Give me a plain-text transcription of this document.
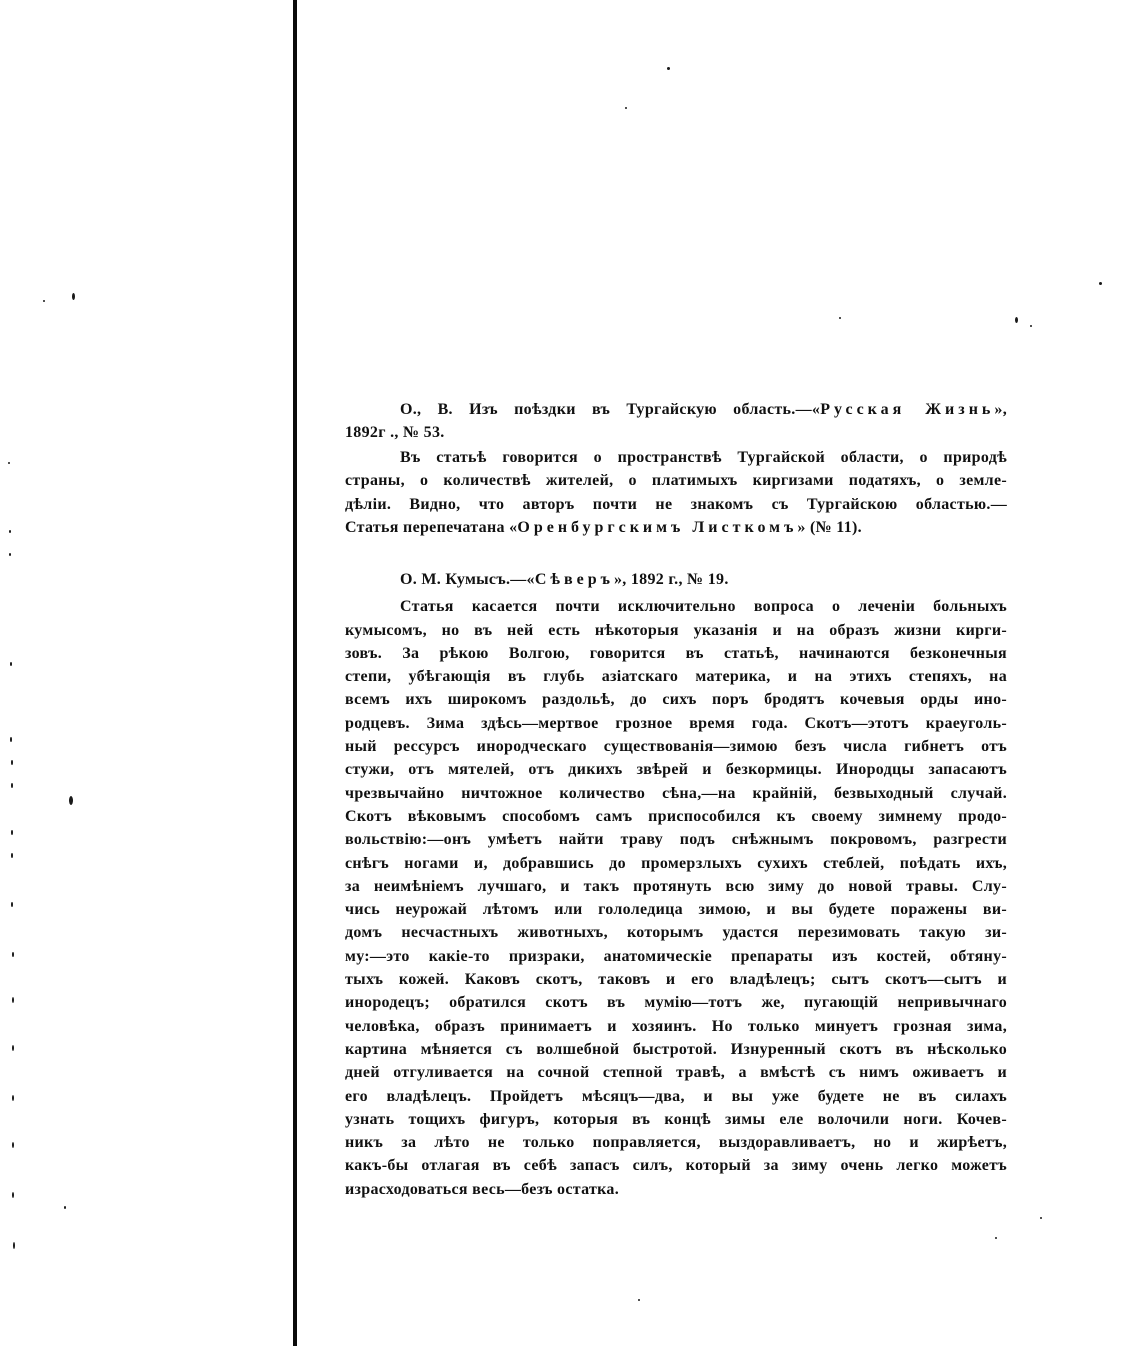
О., В. Изъ поѣздки въ Тургайскую область.—«Русская Жизнь»,
1892г ., № 53.
Въ статьѣ говорится о пространствѣ Тургайской области, о природѣ
страны, о количествѣ жителей, о платимыхъ киргизами податяхъ, о земле-
дѣліи. Видно, что авторъ почти не знакомъ съ Тургайскою областью.—
Статья перепечатана «Оренбургскимъ Листкомъ» (№ 11).
О. М. Кумысъ.—«Сѣверъ», 1892 г., № 19.
Статья касается почти исключительно вопроса о леченіи больныхъ
кумысомъ, но въ ней есть нѣкоторыя указанія и на образъ жизни кирги-
зовъ. За рѣкою Волгою, говорится въ статьѣ, начинаются безконечныя
степи, убѣгающія въ глубь азіатскаго материка, и на этихъ степяхъ, на
всемъ ихъ широкомъ раздольѣ, до сихъ поръ бродятъ кочевыя орды ино-
родцевъ. Зима здѣсь—мертвое грозное время года. Скотъ—этотъ краеуголь-
ный рессурсъ инородческаго существованія—зимою безъ числа гибнетъ отъ
стужи, отъ мятелей, отъ дикихъ звѣрей и безкормицы. Инородцы запасаютъ
чрезвычайно ничтожное количество сѣна,—на крайній, безвыходный случай.
Скотъ вѣковымъ способомъ самъ приспособился къ своему зимнему продо-
вольствію:—онъ умѣетъ найти траву подъ снѣжнымъ покровомъ, разгрести
снѣгъ ногами и, добравшись до промерзлыхъ сухихъ стеблей, поѣдать ихъ,
за неимѣніемъ лучшаго, и такъ протянуть всю зиму до новой травы. Слу-
чись неурожай лѣтомъ или гололедица зимою, и вы будете поражены ви-
домъ несчастныхъ животныхъ, которымъ удастся перезимовать такую зи-
му:—это какіе-то призраки, анатомическіе препараты изъ костей, обтяну-
тыхъ кожей. Каковъ скотъ, таковъ и его владѣлецъ; сытъ скотъ—сытъ и
инородецъ; обратился скотъ въ мумію—тотъ же, пугающій непривычнаго
человѣка, образъ принимаетъ и хозяинъ. Но только минуетъ грозная зима,
картина мѣняется съ волшебной быстротой. Изнуренный скотъ въ нѣсколько
дней отгуливается на сочной степной травѣ, а вмѣстѣ съ нимъ оживаетъ и
его владѣлецъ. Пройдетъ мѣсяцъ—два, и вы уже будете не въ силахъ
узнать тощихъ фигуръ, которыя въ концѣ зимы еле волочили ноги. Кочев-
никъ за лѣто не только поправляется, выздоравливаетъ, но и жирѣетъ,
какъ-бы отлагая въ себѣ запасъ силъ, который за зиму очень легко можетъ
израсходоваться весь—безъ остатка.
